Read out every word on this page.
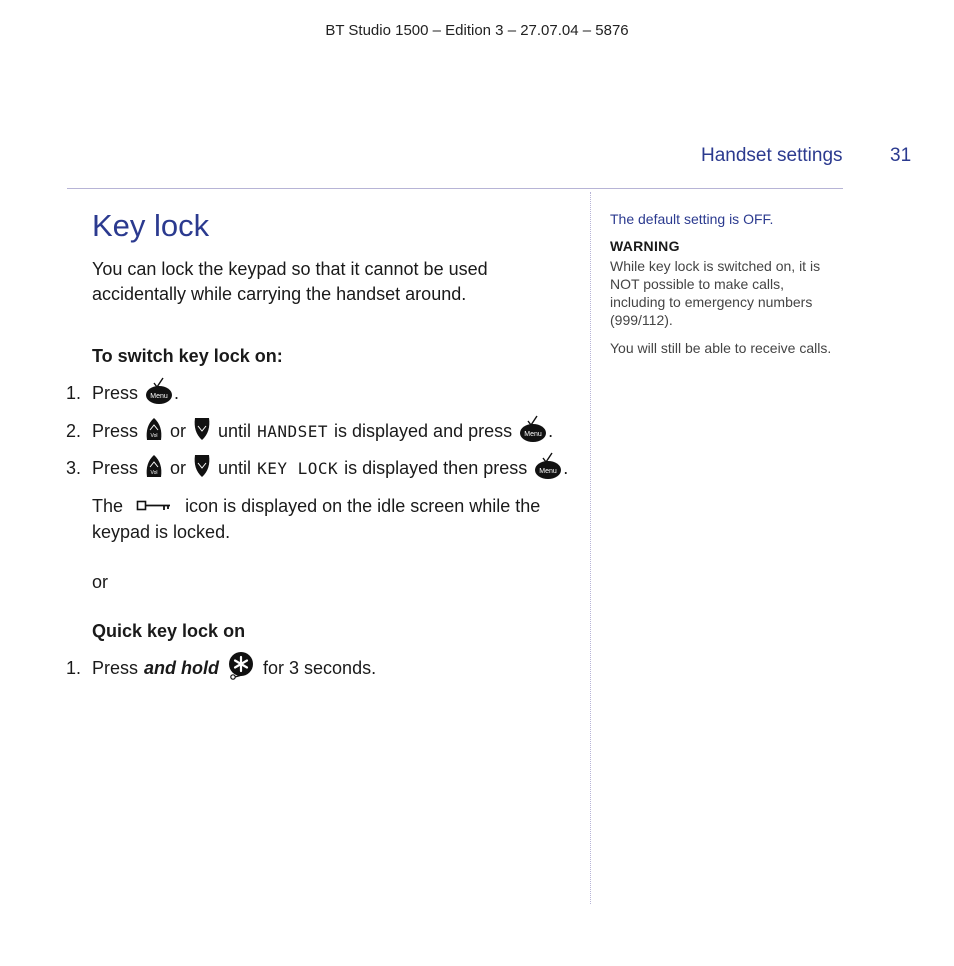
BT Studio 1500 – Edition 3 – 27.07.04 – 5876
Handset settings 31
Key lock
You can lock the keypad so that it cannot be used accidentally while carrying the handset around.
To switch key lock on:
1. Press Menu .
2. Press	Vol or until HANDSET is displayed and press Menu .
3. Press	Vol or until KEY LOCK is displayed then press Menu .
The	icon is displayed on the idle screen while the keypad is locked.
or
Quick key lock on
1. Press and hold for 3 seconds.
The default setting is OFF.
WARNING
While key lock is switched on, it is NOT possible to make calls, including to emergency numbers (999/112).
You will still be able to receive calls.
